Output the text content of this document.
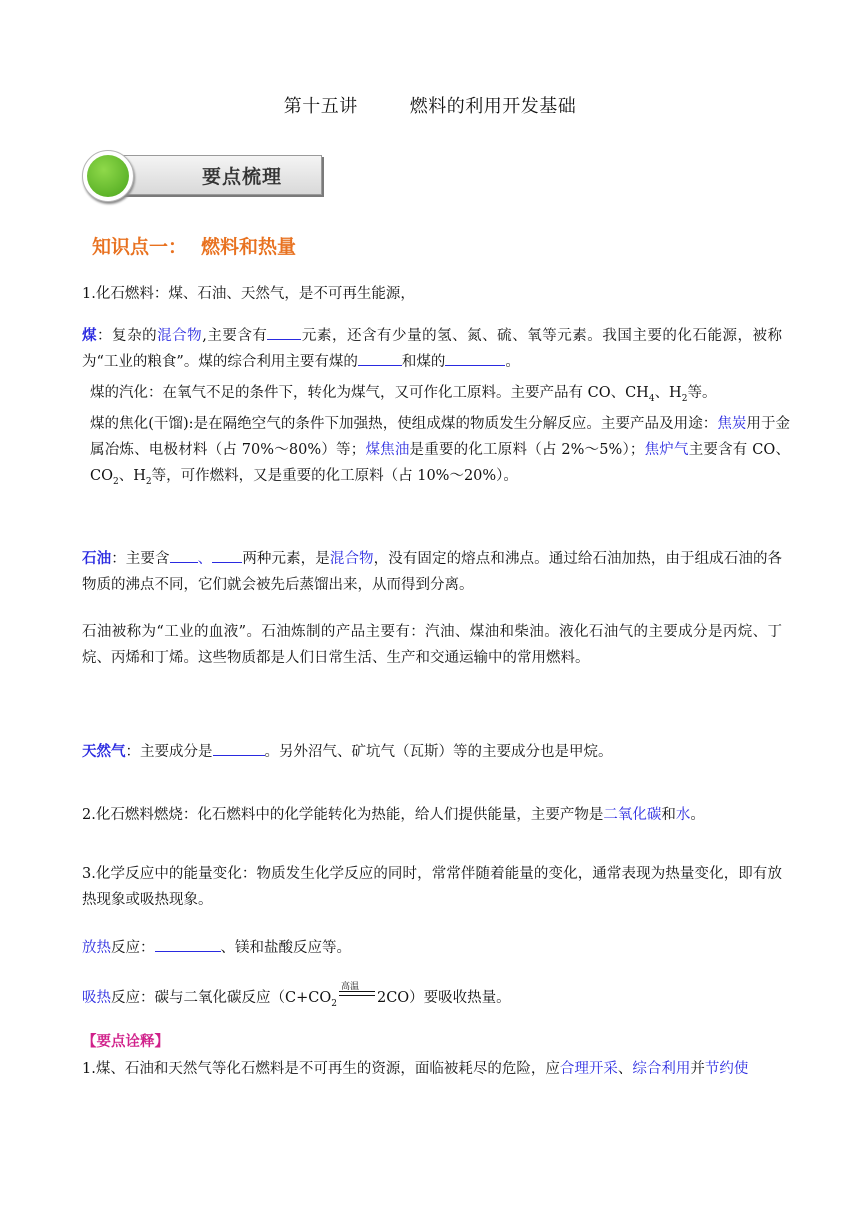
第十五讲	燃料的利用开发基础
要点梳理
知识点一： 燃料和热量
1.化石燃料：煤、石油、天然气，是不可再生能源，
煤：复杂的混合物,主要含有 元素，还含有少量的氢、氮、硫、氧等元素。我国主要的化石能源，被称为“工业的粮食”。煤的综合利用主要有煤的	和煤的	。
煤的汽化：在氧气不足的条件下，转化为煤气，又可作化工原料。主要产品有 CO、$CH_4$、$H_2$等。
煤的焦化(干馏):是在隔绝空气的条件下加强热，使组成煤的物质发生分解反应。主要产品及用途：焦炭用于金属冶炼、电极材料（占 70%～80%）等；煤焦油是重要的化工原料（占 2%～5%）；焦炉气主要含有 CO、$CO_2$、$H_2$等，可作燃料，又是重要的化工原料（占 10%～20%）。
石油：主要含 、 两种元素，是混合物，没有固定的熔点和沸点。通过给石油加热，由于组成石油的各物质的沸点不同，它们就会被先后蒸馏出来，从而得到分离。
石油被称为“工业的血液”。石油炼制的产品主要有：汽油、煤油和柴油。液化石油气的主要成分是丙烷、丁烷、丙烯和丁烯。这些物质都是人们日常生活、生产和交通运输中的常用燃料。
天然气：主要成分是	。另外沼气、矿坑气（瓦斯）等的主要成分也是甲烷。
2.化石燃料燃烧：化石燃料中的化学能转化为热能，给人们提供能量，主要产物是二氧化碳和水。
3.化学反应中的能量变化：物质发生化学反应的同时，常常伴随着能量的变化，通常表现为热量变化，即有放热现象或吸热现象。
放热反应：	、镁和盐酸反应等。
吸热反应：碳与二氧化碳反应（$C+CO_2$
高温
2CO）要吸收热量。
【要点诠释】
1.煤、石油和天然气等化石燃料是不可再生的资源，面临被耗尽的危险，应合理开采、综合利用并节约使
